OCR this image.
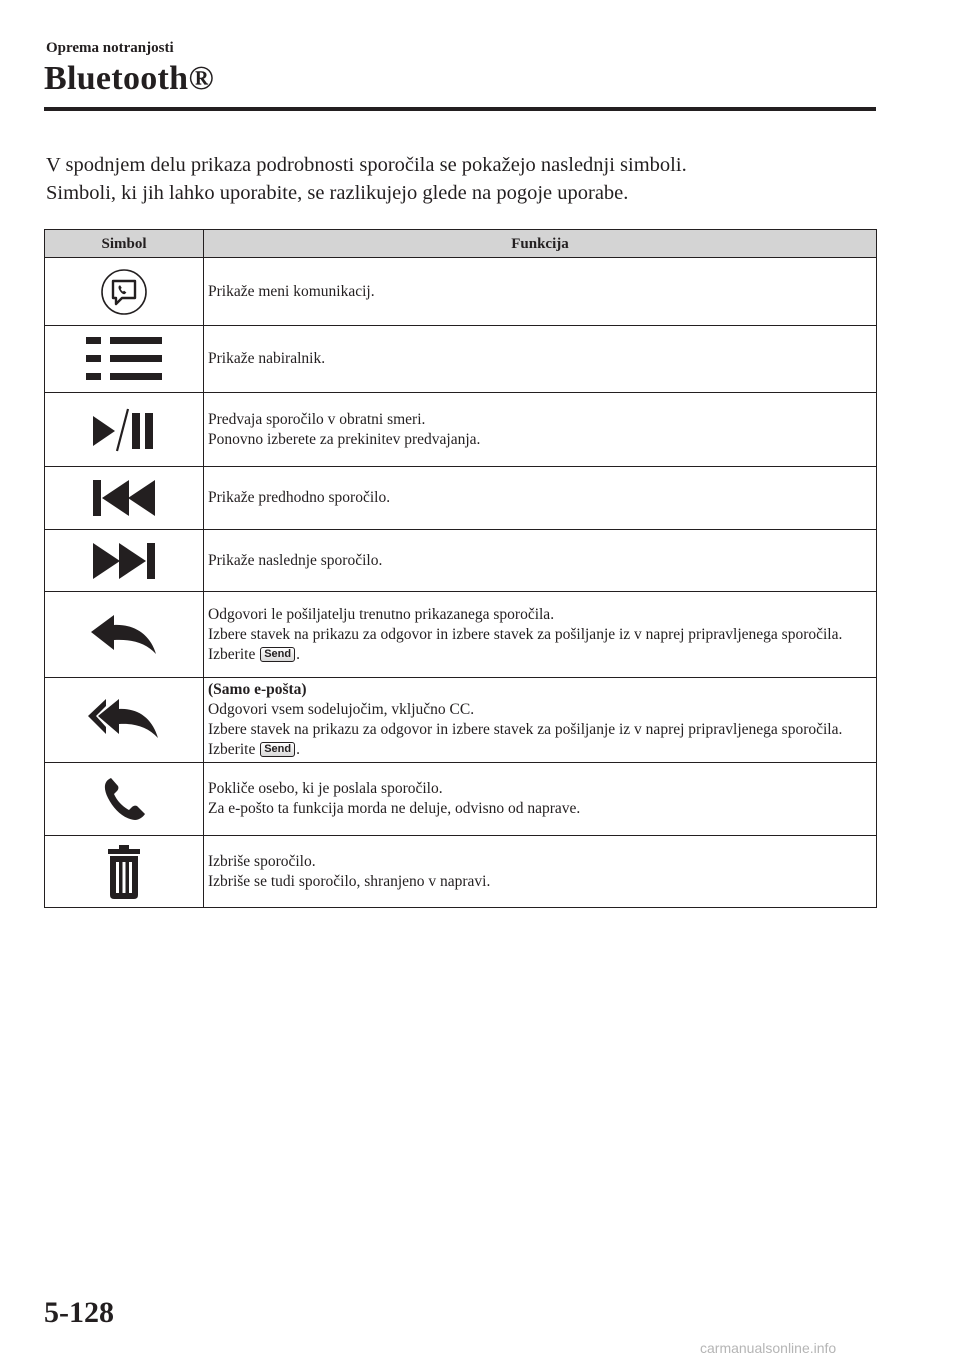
Oprema notranjosti
Bluetooth®

V spodnjem delu prikaza podrobnosti sporočila se pokažejo naslednji simboli.

Simboli, ki jih lahko uporabite, se razlikujejo glede na pogoje uporabe.

Simbol	Funkcija

Prikaže meni komunikacij.

Prikaže nabiralnik.

Predvaja sporočilo v obratni smeri.
Ponovno izberete za prekinitev predvajanja.

Prikaže predhodno sporočilo.

Prikaže naslednje sporočilo.

Odgovori le pošiljatelju trenutno prikazanega sporočila.
Izbere stavek na prikazu za odgovor in izbere stavek za pošiljanje iz v naprej pripravljenega sporočila.
Izberite Send .

(Samo e-pošta)
Odgovori vsem sodelujočim, vključno CC.
Izbere stavek na prikazu za odgovor in izbere stavek za pošiljanje iz v naprej pripravljenega sporočila.
Izberite Send .

Pokliče osebo, ki je poslala sporočilo.
Za e-pošto ta funkcija morda ne deluje, odvisno od naprave.

Izbriše sporočilo.
Izbriše se tudi sporočilo, shranjeno v napravi.
5-128
carmanualsonline.info
